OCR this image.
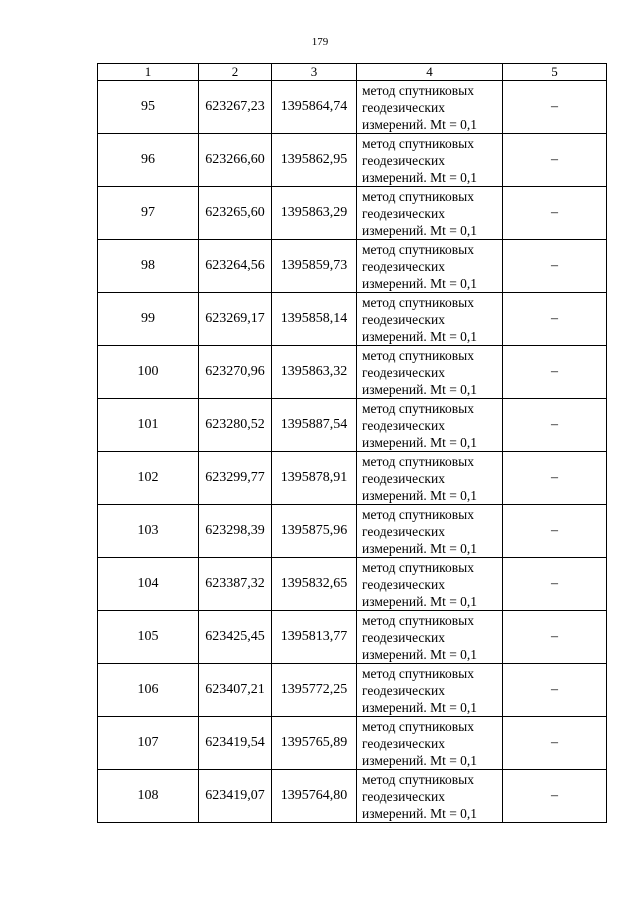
179
1	2	3	4	5
95	623267,23	1395864,74	метод спутниковых
геодезических
измерений. Mt = 0,1	–
96	623266,60	1395862,95	метод спутниковых
геодезических
измерений. Mt = 0,1	–
97	623265,60	1395863,29	метод спутниковых
геодезических
измерений. Mt = 0,1	–
98	623264,56	1395859,73	метод спутниковых
геодезических
измерений. Mt = 0,1	–
99	623269,17	1395858,14	метод спутниковых
геодезических
измерений. Mt = 0,1	–
100	623270,96	1395863,32	метод спутниковых
геодезических
измерений. Mt = 0,1	–
101	623280,52	1395887,54	метод спутниковых
геодезических
измерений. Mt = 0,1	–
102	623299,77	1395878,91	метод спутниковых
геодезических
измерений. Mt = 0,1	–
103	623298,39	1395875,96	метод спутниковых
геодезических
измерений. Mt = 0,1	–
104	623387,32	1395832,65	метод спутниковых
геодезических
измерений. Mt = 0,1	–
105	623425,45	1395813,77	метод спутниковых
геодезических
измерений. Mt = 0,1	–
106	623407,21	1395772,25	метод спутниковых
геодезических
измерений. Mt = 0,1	–
107	623419,54	1395765,89	метод спутниковых
геодезических
измерений. Mt = 0,1	–
108	623419,07	1395764,80	метод спутниковых
геодезических
измерений. Mt = 0,1	–
